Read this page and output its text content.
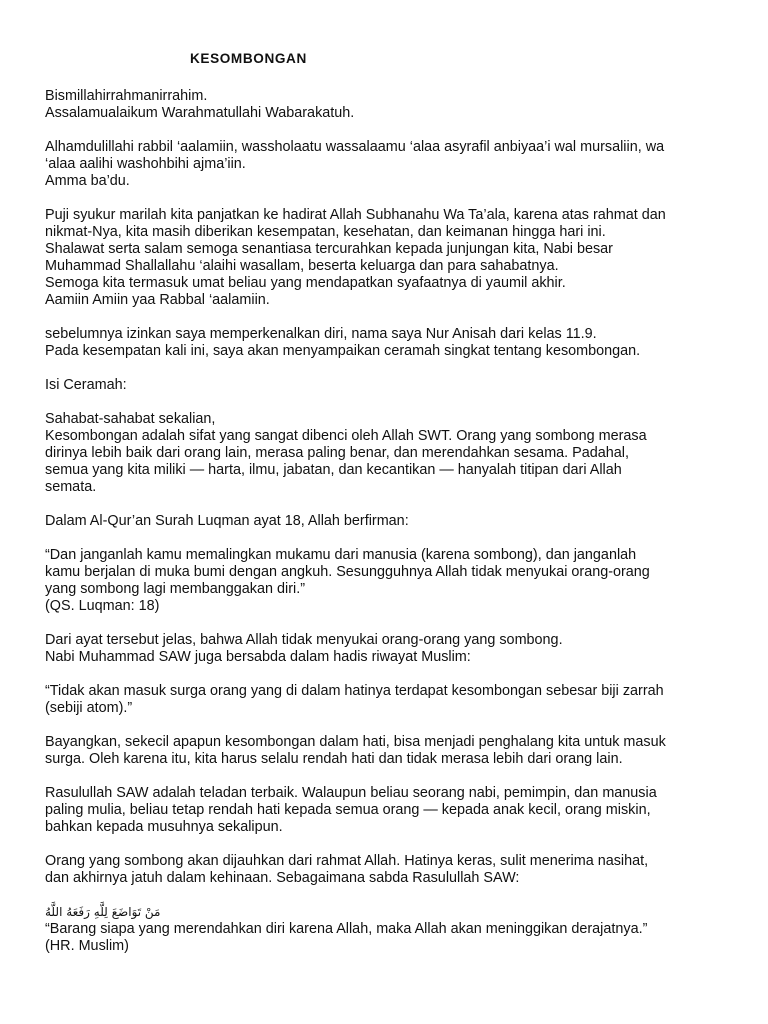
KESOMBONGAN
Bismillahirrahmanirrahim.
Assalamualaikum Warahmatullahi Wabarakatuh.
Alhamdulillahi rabbil ‘aalamiin, wassholaatu wassalaamu ‘alaa asyrafil anbiyaa’i wal mursaliin, wa
‘alaa aalihi washohbihi ajma’iin.
Amma ba’du.
Puji syukur marilah kita panjatkan ke hadirat Allah Subhanahu Wa Ta’ala, karena atas rahmat dan
nikmat-Nya, kita masih diberikan kesempatan, kesehatan, dan keimanan hingga hari ini.
Shalawat serta salam semoga senantiasa tercurahkan kepada junjungan kita, Nabi besar
Muhammad Shallallahu ‘alaihi wasallam, beserta keluarga dan para sahabatnya.
Semoga kita termasuk umat beliau yang mendapatkan syafaatnya di yaumil akhir.
Aamiin Amiin yaa Rabbal ‘aalamiin.
sebelumnya izinkan saya memperkenalkan diri, nama saya Nur Anisah dari kelas 11.9.
Pada kesempatan kali ini, saya akan menyampaikan ceramah singkat tentang kesombongan.
Isi Ceramah:
Sahabat-sahabat sekalian,
Kesombongan adalah sifat yang sangat dibenci oleh Allah SWT. Orang yang sombong merasa
dirinya lebih baik dari orang lain, merasa paling benar, dan merendahkan sesama. Padahal,
semua yang kita miliki — harta, ilmu, jabatan, dan kecantikan — hanyalah titipan dari Allah
semata.
Dalam Al-Qur’an Surah Luqman ayat 18, Allah berfirman:
“Dan janganlah kamu memalingkan mukamu dari manusia (karena sombong), dan janganlah
kamu berjalan di muka bumi dengan angkuh. Sesungguhnya Allah tidak menyukai orang-orang
yang sombong lagi membanggakan diri.”
(QS. Luqman: 18)
Dari ayat tersebut jelas, bahwa Allah tidak menyukai orang-orang yang sombong.
Nabi Muhammad SAW juga bersabda dalam hadis riwayat Muslim:
“Tidak akan masuk surga orang yang di dalam hatinya terdapat kesombongan sebesar biji zarrah
(sebiji atom).”
Bayangkan, sekecil apapun kesombongan dalam hati, bisa menjadi penghalang kita untuk masuk
surga. Oleh karena itu, kita harus selalu rendah hati dan tidak merasa lebih dari orang lain.
Rasulullah SAW adalah teladan terbaik. Walaupun beliau seorang nabi, pemimpin, dan manusia
paling mulia, beliau tetap rendah hati kepada semua orang — kepada anak kecil, orang miskin,
bahkan kepada musuhnya sekalipun.
Orang yang sombong akan dijauhkan dari rahmat Allah. Hatinya keras, sulit menerima nasihat,
dan akhirnya jatuh dalam kehinaan. Sebagaimana sabda Rasulullah SAW:
مَنْ تَوَاضَعَ لِلَّهِ رَفَعَهُ اللَّهُ
“Barang siapa yang merendahkan diri karena Allah, maka Allah akan meninggikan derajatnya.”
(HR. Muslim)
